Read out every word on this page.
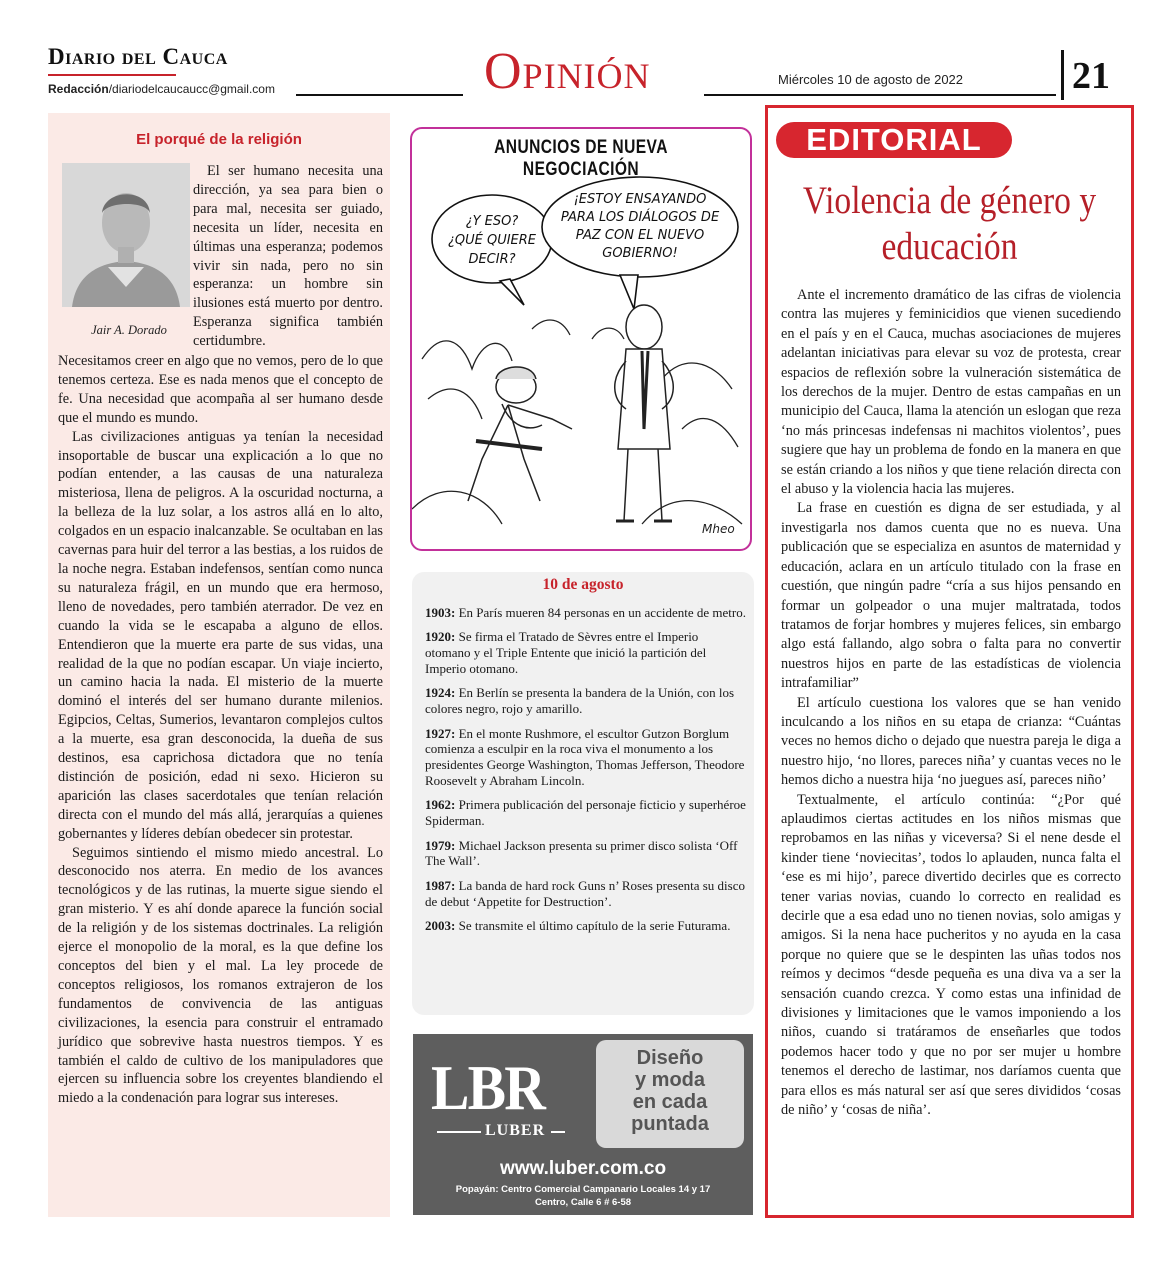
Diario del Cauca
Redacción/diariodelcaucaucc@gmail.com	Opinión	Miércoles 10 de agosto de 2022	21
El porqué de la religión
Jair A. Dorado

El ser humano necesita una dirección, ya sea para bien o para mal, necesita ser guiado, necesita un líder, necesita en últimas una esperanza; podemos vivir sin nada, pero no sin esperanza: un hombre sin ilusiones está muerto por dentro. Esperanza significa también certidumbre.

Necesitamos creer en algo que no vemos, pero de lo que tenemos certeza. Ese es nada menos que el concepto de fe. Una necesidad que acompaña al ser humano desde que el mundo es mundo.

Las civilizaciones antiguas ya tenían la necesidad insoportable de buscar una explicación a lo que no podían entender, a las causas de una naturaleza misteriosa, llena de peligros. A la oscuridad nocturna, a la belleza de la luz solar, a los astros allá en lo alto, colgados en un espacio inalcanzable. Se ocultaban en las cavernas para huir del terror a las bestias, a los ruidos de la noche negra. Estaban indefensos, sentían como nunca su naturaleza frágil, en un mundo que era hermoso, lleno de novedades, pero también aterrador. De vez en cuando la vida se le escapaba a alguno de ellos. Entendieron que la muerte era parte de sus vidas, una realidad de la que no podían escapar. Un viaje incierto, un camino hacia la nada. El misterio de la muerte dominó el interés del ser humano durante milenios. Egipcios, Celtas, Sumerios, levantaron complejos cultos a la muerte, esa gran desconocida, la dueña de sus destinos, esa caprichosa dictadora que no tenía distinción de posición, edad ni sexo. Hicieron su aparición las clases sacerdotales que tenían relación directa con el mundo del más allá, jerarquías a quienes gobernantes y líderes debían obedecer sin protestar.

Seguimos sintiendo el mismo miedo ancestral. Lo desconocido nos aterra. En medio de los avances tecnológicos y de las rutinas, la muerte sigue siendo el gran misterio. Y es ahí donde aparece la función social de la religión y de los sistemas doctrinales. La religión ejerce el monopolio de la moral, es la que define los conceptos del bien y el mal. La ley procede de conceptos religiosos, los romanos extrajeron de los fundamentos de convivencia de las antiguas civilizaciones, la esencia para construir el entramado jurídico que sobrevive hasta nuestros tiempos. Y es también el caldo de cultivo de los manipuladores que ejercen su influencia sobre los creyentes blandiendo el miedo a la condenación para lograr sus intereses.

ANUNCIOS DE NUEVA NEGOCIACIÓN
¿Y ESO?
¿QUÉ QUIERE
DECIR?
¡ESTOY ENSAYANDO
PARA LOS DIÁLOGOS DE
PAZ CON EL NUEVO
GOBIERNO!
Mheo
10 de agosto
1903: En París mueren 84 personas en un accidente de metro.
1920: Se firma el Tratado de Sèvres entre el Imperio otomano y el Triple Entente que inició la partición del Imperio otomano.
1924: En Berlín se presenta la bandera de la Unión, con los colores negro, rojo y amarillo.
1927: En el monte Rushmore, el escultor Gutzon Borglum comienza a esculpir en la roca viva el monumento a los presidentes George Washington, Thomas Jefferson, Theodore Roosevelt y Abraham Lincoln.
1962: Primera publicación del personaje ficticio y superhéroe Spiderman.
1979: Michael Jackson presenta su primer disco solista ‘Off The Wall’.
1987: La banda de hard rock Guns n’ Roses presenta su disco de debut ‘Appetite for Destruction’.
2003: Se transmite el último capítulo de la serie Futurama.
LBR
LUBER
Diseño
y moda
en cada
puntada
www.luber.com.co
Popayán: Centro Comercial Campanario Locales 14 y 17
Centro, Calle 6 # 6-58
EDITORIAL
Violencia de género y educación

Ante el incremento dramático de las cifras de violencia contra las mujeres y feminicidios que vienen sucediendo en el país y en el Cauca, muchas asociaciones de mujeres adelantan iniciativas para elevar su voz de protesta, crear espacios de reflexión sobre la vulneración sistemática de los derechos de la mujer. Dentro de estas campañas en un municipio del Cauca, llama la atención un eslogan que reza ‘no más princesas indefensas ni machitos violentos’, pues sugiere que hay un problema de fondo en la manera en que se están criando a los niños y que tiene relación directa con el abuso y la violencia hacia las mujeres.

La frase en cuestión es digna de ser estudiada, y al investigarla nos damos cuenta que no es nueva. Una publicación que se especializa en asuntos de maternidad y educación, aclara en un artículo titulado con la frase en cuestión, que ningún padre “cría a sus hijos pensando en formar un golpeador o una mujer maltratada, todos tratamos de forjar hombres y mujeres felices, sin embargo algo está fallando, algo sobra o falta para no convertir nuestros hijos en parte de las estadísticas de violencia intrafamiliar”

El artículo cuestiona los valores que se han venido inculcando a los niños en su etapa de crianza: “Cuántas veces no hemos dicho o dejado que nuestra pareja le diga a nuestro hijo, ‘no llores, pareces niña’ y cuantas veces no le hemos dicho a nuestra hija ‘no juegues así, pareces niño’

Textualmente, el artículo continúa: “¿Por qué aplaudimos ciertas actitudes en los niños mismas que reprobamos en las niñas y viceversa? Si el nene desde el kinder tiene ‘noviecitas’, todos lo aplauden, nunca falta el ‘ese es mi hijo’, parece divertido decirles que es correcto tener varias novias, cuando lo correcto en realidad es decirle que a esa edad uno no tienen novias, solo amigas y amigos. Si la nena hace pucheritos y no ayuda en la casa porque no quiere que se le despinten las uñas todos nos reímos y decimos “desde pequeña es una diva va a ser la sensación cuando crezca. Y como estas una infinidad de divisiones y limitaciones que le vamos imponiendo a los niños, cuando si tratáramos de enseñarles que todos podemos hacer todo y que no por ser mujer u hombre tenemos el derecho de lastimar, nos daríamos cuenta que para ellos es más natural ser así que seres divididos ‘cosas de niño’ y ‘cosas de niña’.
